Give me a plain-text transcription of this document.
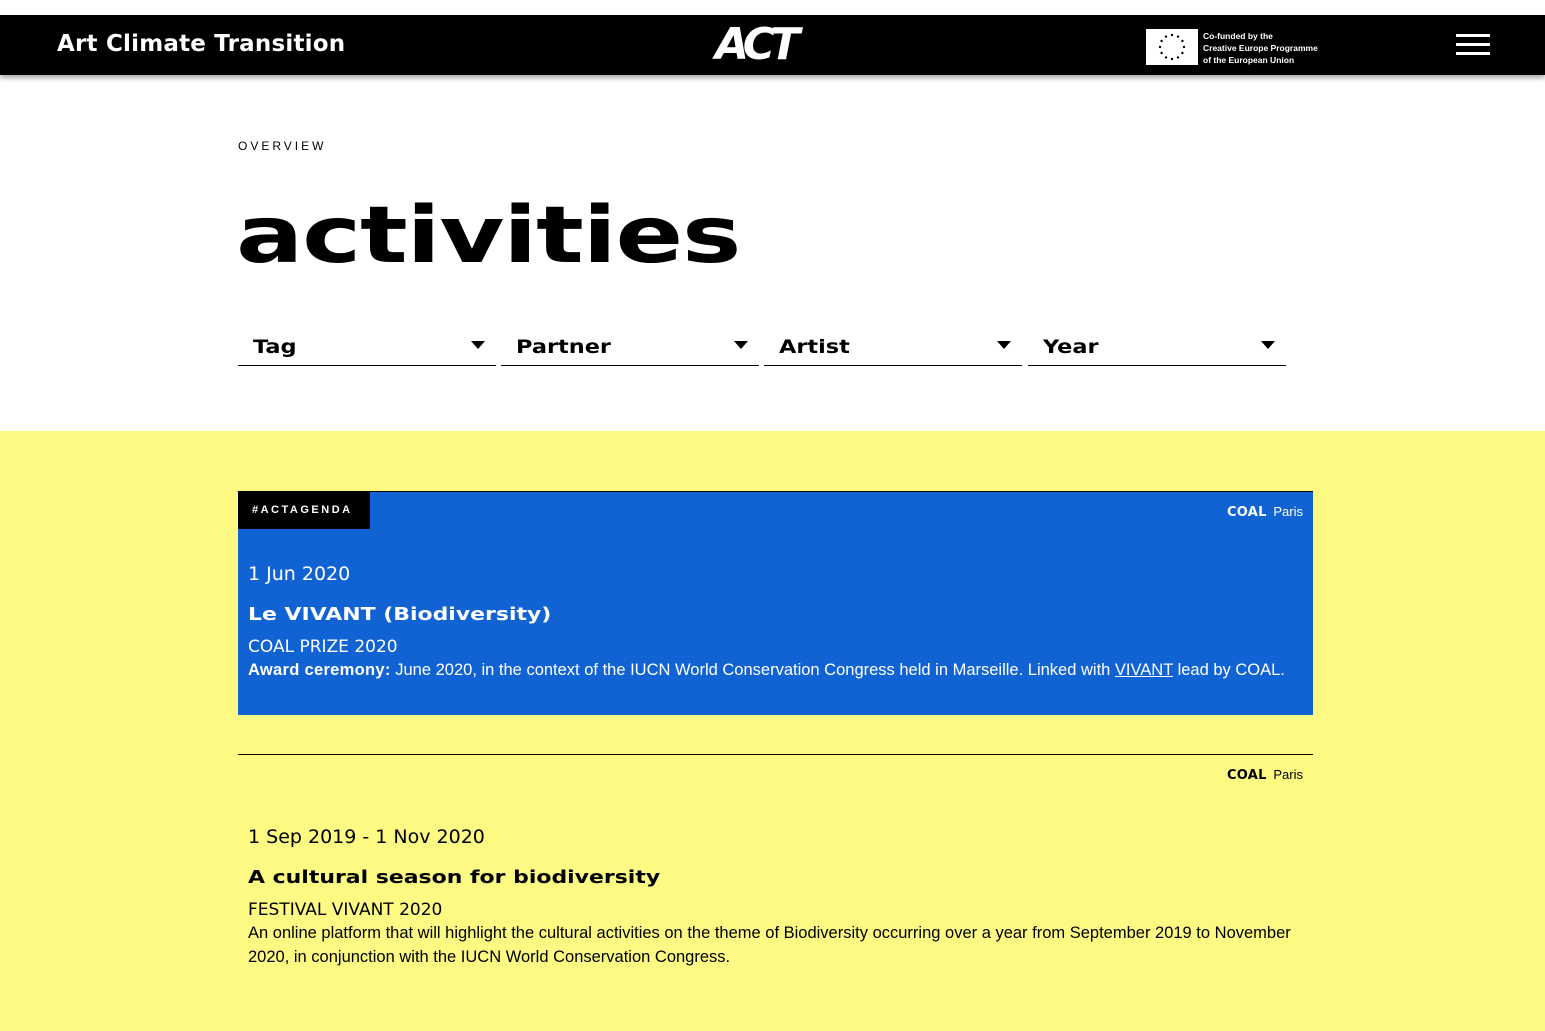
Art Climate Transition	ACT	Co-funded by the
Creative Europe Programme
of the European Union
OVERVIEW
activities
Tag	Partner	Artist	Year
#ACTAGENDA	COAL Paris
1 Jun 2020
Le VIVANT (Biodiversity)
COAL PRIZE 2020
Award ceremony: June 2020, in the context of the IUCN World Conservation Congress held in Marseille. Linked with VIVANT lead by COAL.
COAL Paris
1 Sep 2019 - 1 Nov 2020
A cultural season for biodiversity
FESTIVAL VIVANT 2020
An online platform that will highlight the cultural activities on the theme of Biodiversity occurring over a year from September 2019 to November 2020, in conjunction with the IUCN World Conservation Congress.
